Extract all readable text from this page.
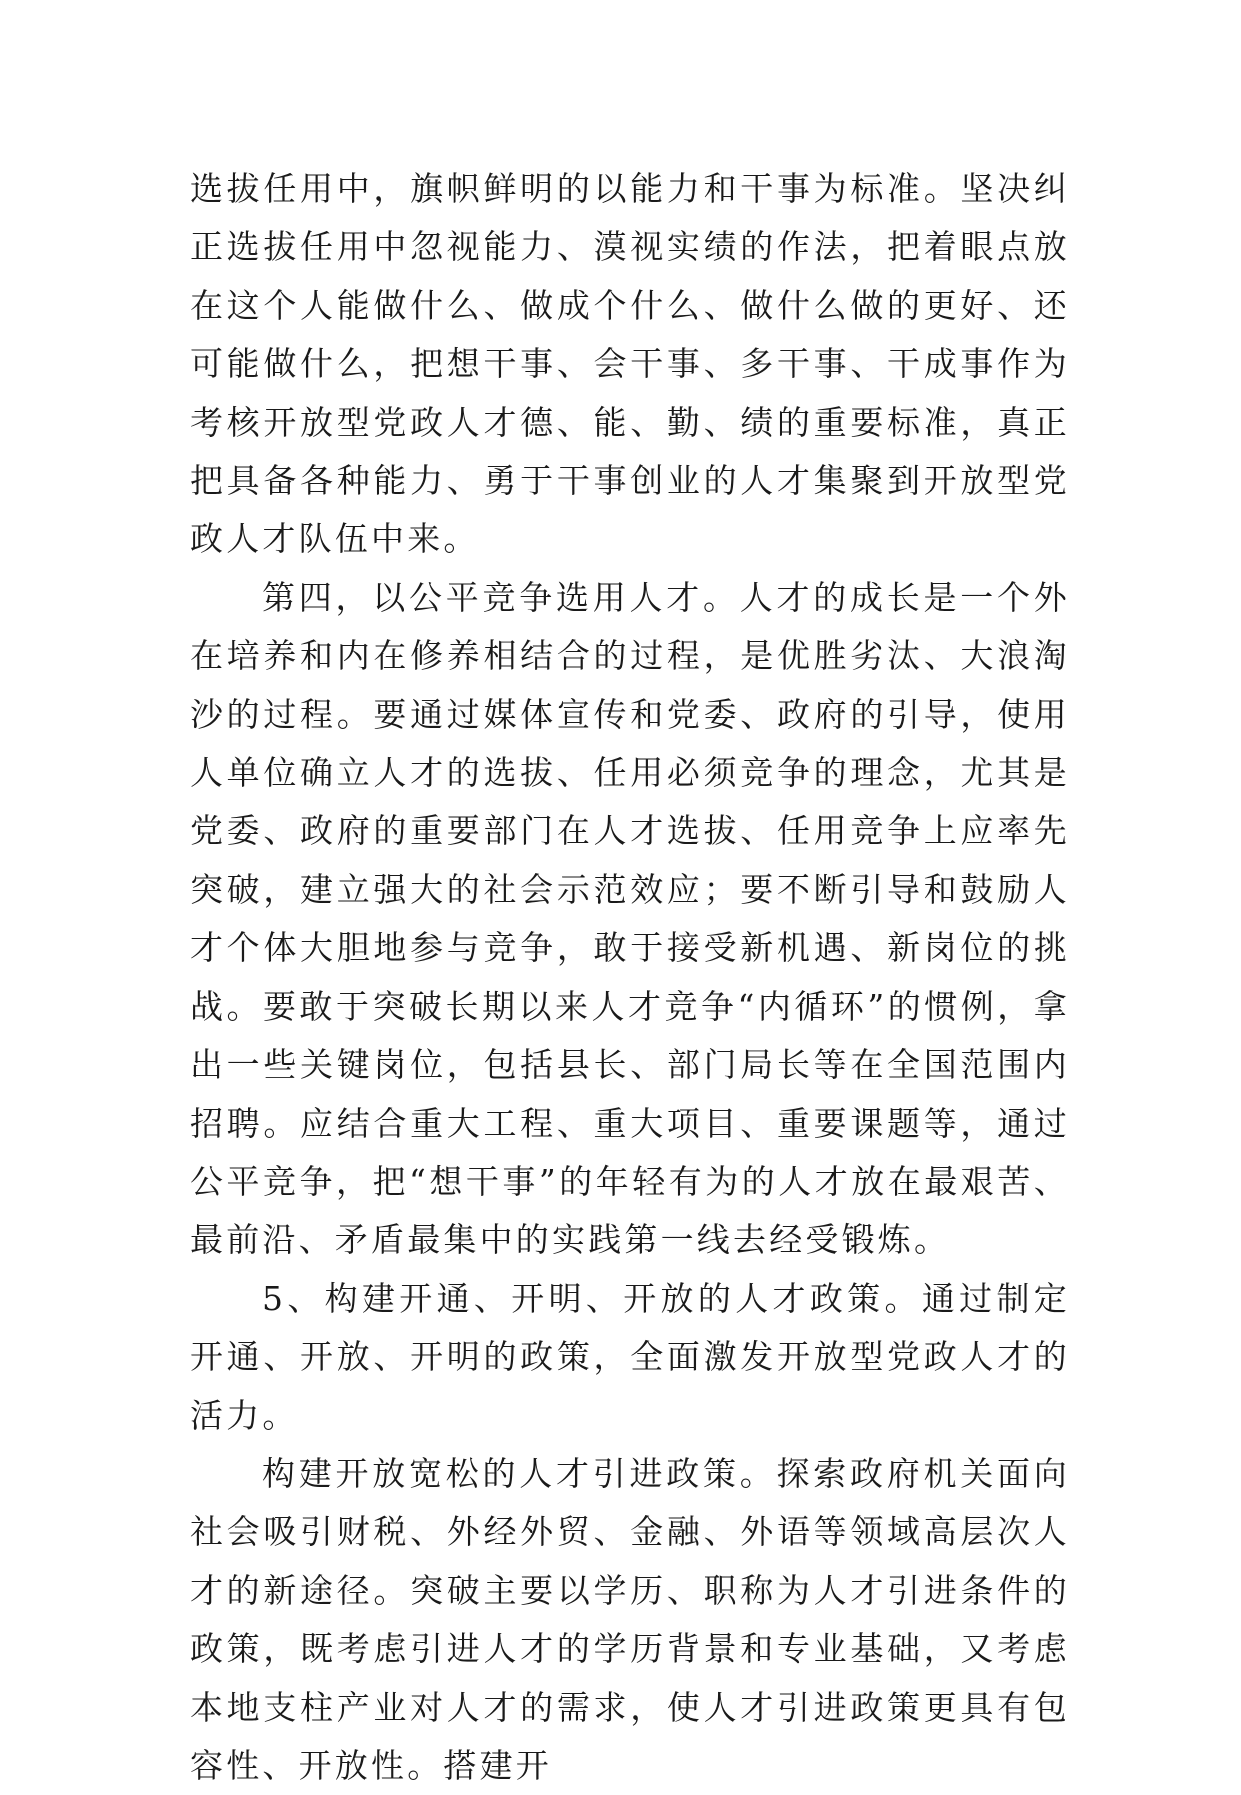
选拔任用中，旗帜鲜明的以能力和干事为标准。坚决纠正选拔任用中忽视能力、漠视实绩的作法，把着眼点放在这个人能做什么、做成个什么、做什么做的更好、还可能做什么，把想干事、会干事、多干事、干成事作为考核开放型党政人才德、能、勤、绩的重要标准，真正把具备各种能力、勇于干事创业的人才集聚到开放型党政人才队伍中来。

第四，以公平竞争选用人才。人才的成长是一个外在培养和内在修养相结合的过程，是优胜劣汰、大浪淘沙的过程。要通过媒体宣传和党委、政府的引导，使用人单位确立人才的选拔、任用必须竞争的理念，尤其是党委、政府的重要部门在人才选拔、任用竞争上应率先突破，建立强大的社会示范效应；要不断引导和鼓励人才个体大胆地参与竞争，敢于接受新机遇、新岗位的挑战。要敢于突破长期以来人才竞争“内循环”的惯例，拿出一些关键岗位，包括县长、部门局长等在全国范围内招聘。应结合重大工程、重大项目、重要课题等，通过公平竞争，把“想干事”的年轻有为的人才放在最艰苦、最前沿、矛盾最集中的实践第一线去经受锻炼。

5、构建开通、开明、开放的人才政策。通过制定开通、开放、开明的政策，全面激发开放型党政人才的活力。

构建开放宽松的人才引进政策。探索政府机关面向社会吸引财税、外经外贸、金融、外语等领域高层次人才的新途径。突破主要以学历、职称为人才引进条件的政策，既考虑引进人才的学历背景和专业基础，又考虑本地支柱产业对人才的需求，使人才引进政策更具有包容性、开放性。搭建开
